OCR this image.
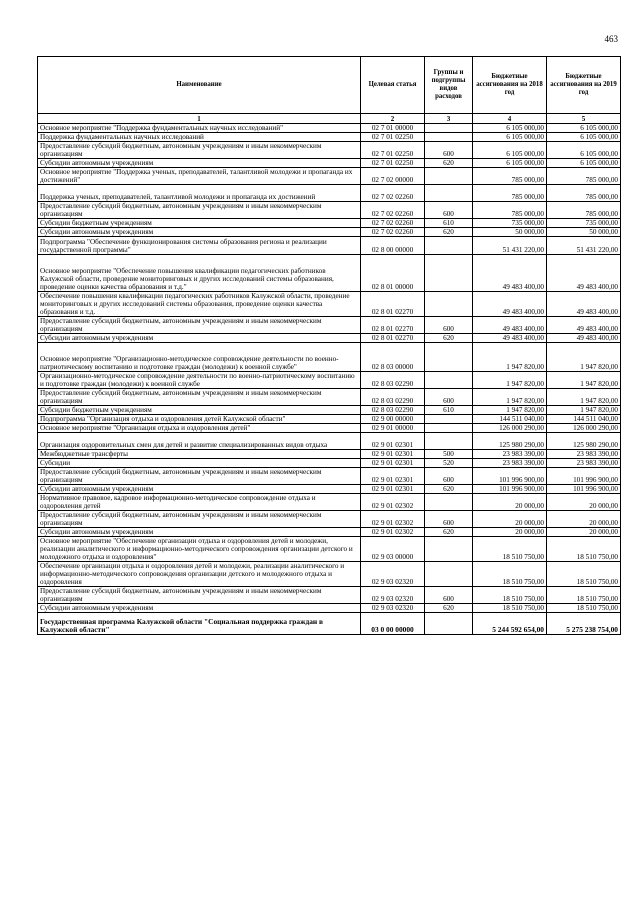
463
Наименование	Целевая статья	Группы и подгруппы видов расходов	Бюджетные ассигнования на 2018 год	Бюджетные ассигнования на 2019 год
1	2	3	4	5
Основное мероприятие "Поддержка фундаментальных научных исследований"	02 7 01 00000		6 105 000,00	6 105 000,00
Поддержка фундаментальных научных исследований	02 7 01 02250		6 105 000,00	6 105 000,00
Предоставление субсидий бюджетным, автономным учреждениям и иным некоммерческим организациям	02 7 01 02250	600	6 105 000,00	6 105 000,00
Субсидии автономным учреждениям	02 7 01 02250	620	6 105 000,00	6 105 000,00
Основное мероприятие "Поддержка ученых, преподавателей, талантливой молодежи и пропаганда их достижений"	02 7 02 00000		785 000,00	785 000,00
Поддержка ученых, преподавателей, талантливой молодежи и пропаганда их достижений	02 7 02 02260		785 000,00	785 000,00
Предоставление субсидий бюджетным, автономным учреждениям и иным некоммерческим организациям	02 7 02 02260	600	785 000,00	785 000,00
Субсидии бюджетным учреждениям	02 7 02 02260	610	735 000,00	735 000,00
Субсидии автономным учреждениям	02 7 02 02260	620	50 000,00	50 000,00
Подпрограмма "Обеспечение функционирования системы образования региона и реализации государственной программы"	02 8 00 00000		51 431 220,00	51 431 220,00
Основное мероприятие "Обеспечение повышения квалификации педагогических работников Калужской области, проведение мониторинговых и других исследований системы образования, проведение оценки качества образования и т.д."	02 8 01 00000		49 483 400,00	49 483 400,00
Обеспечение повышения квалификации педагогических работников Калужской области, проведение мониторинговых и других исследований системы образования, проведение оценки качества образования и т.д.	02 8 01 02270		49 483 400,00	49 483 400,00
Предоставление субсидий бюджетным, автономным учреждениям и иным некоммерческим организациям	02 8 01 02270	600	49 483 400,00	49 483 400,00
Субсидии автономным учреждениям	02 8 01 02270	620	49 483 400,00	49 483 400,00
Основное мероприятие "Организационно-методическое сопровождение деятельности по военно-патриотическому воспитанию и подготовке граждан (молодежи) к военной службе"	02 8 03 00000		1 947 820,00	1 947 820,00
Организационно-методическое сопровождение деятельности по военно-патриотическому воспитанию и подготовке граждан (молодежи) к военной службе	02 8 03 02290		1 947 820,00	1 947 820,00
Предоставление субсидий бюджетным, автономным учреждениям и иным некоммерческим организациям	02 8 03 02290	600	1 947 820,00	1 947 820,00
Субсидии бюджетным учреждениям	02 8 03 02290	610	1 947 820,00	1 947 820,00
Подпрограмма "Организация отдыха и оздоровления детей Калужской области"	02 9 00 00000		144 511 040,00	144 511 040,00
Основное мероприятие "Организация отдыха и оздоровления детей"	02 9 01 00000		126 000 290,00	126 000 290,00
Организация оздоровительных смен для детей и развитие специализированных видов отдыха	02 9 01 02301		125 980 290,00	125 980 290,00
Межбюджетные трансферты	02 9 01 02301	500	23 983 390,00	23 983 390,00
Субсидии	02 9 01 02301	520	23 983 390,00	23 983 390,00
Предоставление субсидий бюджетным, автономным учреждениям и иным некоммерческим организациям	02 9 01 02301	600	101 996 900,00	101 996 900,00
Субсидии автономным учреждениям	02 9 01 02301	620	101 996 900,00	101 996 900,00
Нормативное правовое, кадровое информационно-методическое сопровождение отдыха и оздоровления детей	02 9 01 02302		20 000,00	20 000,00
Предоставление субсидий бюджетным, автономным учреждениям и иным некоммерческим организациям	02 9 01 02302	600	20 000,00	20 000,00
Субсидии автономным учреждениям	02 9 01 02302	620	20 000,00	20 000,00
Основное мероприятие "Обеспечение организации отдыха и оздоровления детей и молодежи, реализации аналитического и информационно-методического сопровождения организации детского и молодежного отдыха и оздоровления"	02 9 03 00000		18 510 750,00	18 510 750,00
Обеспечение организации отдыха и оздоровления детей и молодежи, реализации аналитического и информационно-методического сопровождения организации детского и молодежного отдыха и оздоровления	02 9 03 02320		18 510 750,00	18 510 750,00
Предоставление субсидий бюджетным, автономным учреждениям и иным некоммерческим организациям	02 9 03 02320	600	18 510 750,00	18 510 750,00
Субсидии автономным учреждениям	02 9 03 02320	620	18 510 750,00	18 510 750,00
Государственная программа Калужской области "Социальная поддержка граждан в Калужской области"	03 0 00 00000		5 244 592 654,00	5 275 238 754,00
